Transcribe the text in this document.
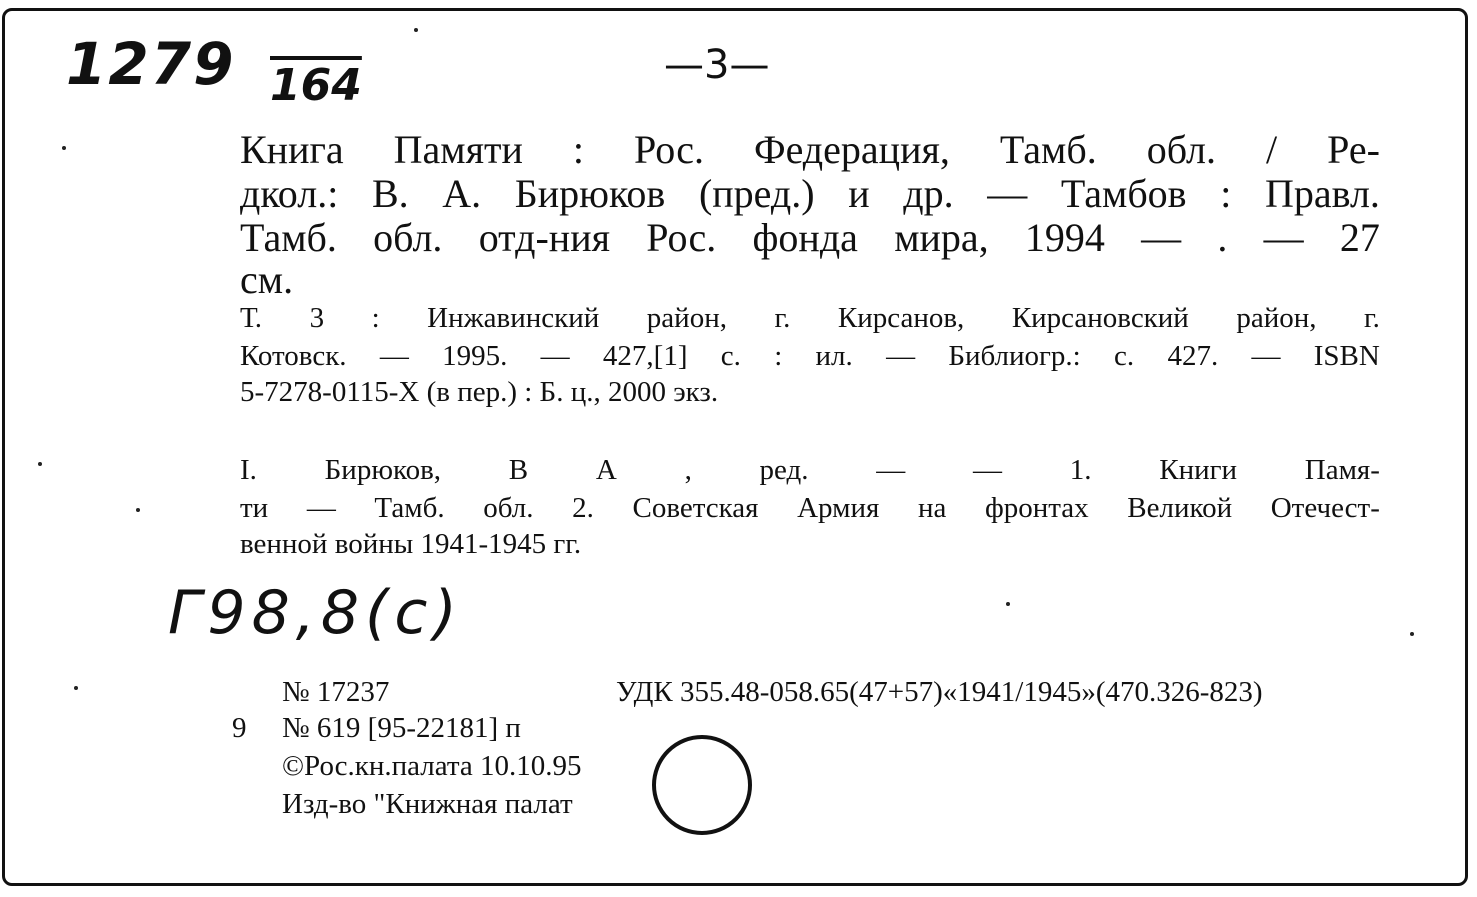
1279 164	—3—
Книга Памяти : Рос. Федерация, Тамб. обл. / Ре-
дкол.: В. А. Бирюков (пред.) и др. — Тамбов : Правл.
Тамб. обл. отд-ния Рос. фонда мира, 1994 — . — 27
см.
Т. 3 : Инжавинский район, г. Кирсанов, Кирсановский район, г.
Котовск. — 1995. — 427,[1] с. : ил. — Библиогр.: с. 427. — ISBN
5-7278-0115-Х (в пер.) : Б. ц., 2000 экз.
I. Бирюков, В А , ред. — — 1. Книги Памя-
ти — Тамб. обл. 2. Советская Армия на фронтах Великой Отечест-
венной войны 1941-1945 гг.
Г98,8(с)
№ 17237	УДК 355.48-058.65(47+57)«1941/1945»(470.326-823)
9 № 619 [95-22181] п
©Рос.кн.палата 10.10.95
Изд-во "Книжная палат
